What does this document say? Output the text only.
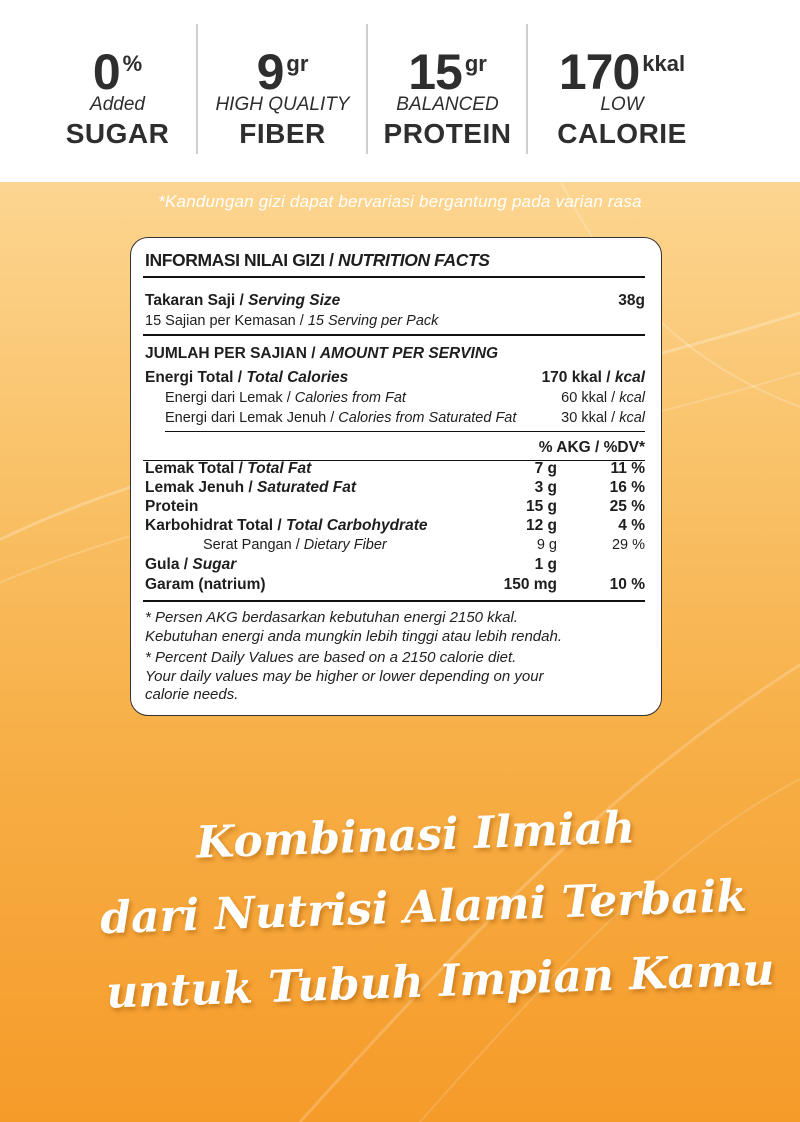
0 %
Added
SUGAR
9 gr
HIGH QUALITY
FIBER
15 gr
BALANCED
PROTEIN
170 kkal
LOW
CALORIE
*Kandungan gizi dapat bervariasi bergantung pada varian rasa
INFORMASI NILAI GIZI / NUTRITION FACTS
Takaran Saji / Serving Size	38g
15 Sajian per Kemasan / 15 Serving per Pack
JUMLAH PER SAJIAN / AMOUNT PER SERVING
Energi Total / Total Calories	170 kkal / kcal
Energi dari Lemak / Calories from Fat	60 kkal / kcal
Energi dari Lemak Jenuh / Calories from Saturated Fat	30 kkal / kcal
% AKG / %DV*
Lemak Total / Total Fat	7 g	11 %
Lemak Jenuh / Saturated Fat	3 g	16 %
Protein	15 g	25 %
Karbohidrat Total / Total Carbohydrate	12 g	4 %
Serat Pangan / Dietary Fiber	9 g	29 %
Gula / Sugar	1 g
Garam (natrium)	150 mg	10 %
* Persen AKG berdasarkan kebutuhan energi 2150 kkal.
Kebutuhan energi anda mungkin lebih tinggi atau lebih rendah.
* Percent Daily Values are based on a 2150 calorie diet.
Your daily values may be higher or lower depending on your
calorie needs.
Kombinasi Ilmiah
dari Nutrisi Alami Terbaik
untuk Tubuh Impian Kamu
